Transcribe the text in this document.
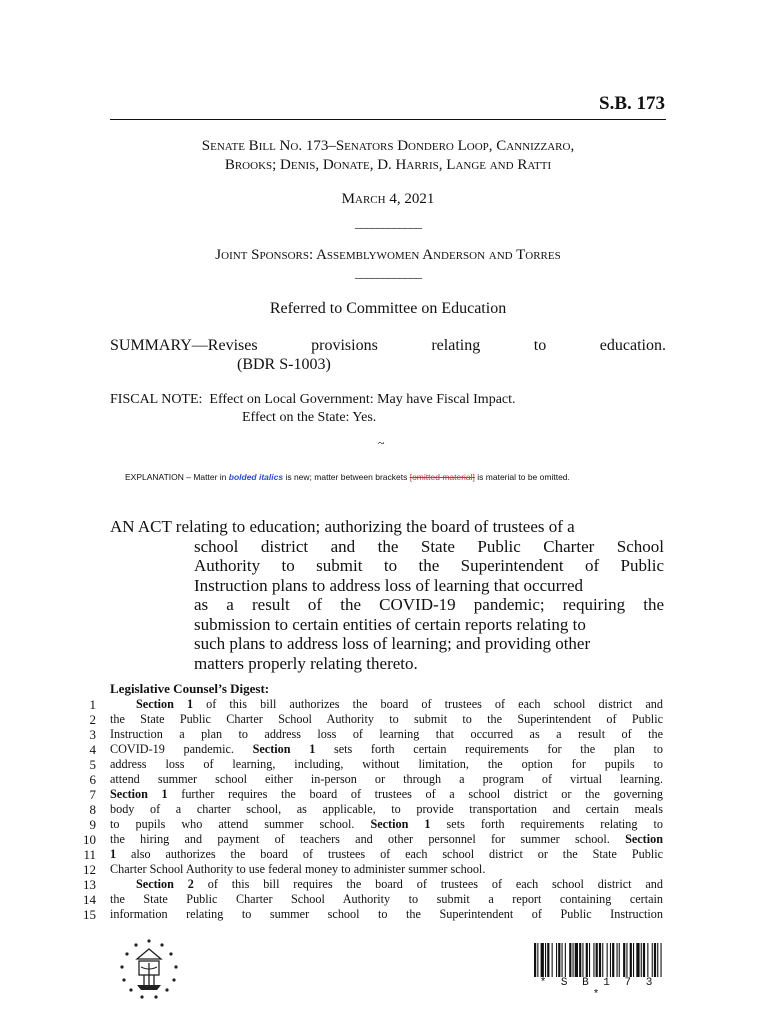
S.B. 173
Senate Bill No. 173–Senators Dondero Loop, Cannizzaro,
Brooks; Denis, Donate, D. Harris, Lange and Ratti
March 4, 2021
____________
Joint Sponsors: Assemblywomen Anderson and Torres
____________
Referred to Committee on Education
SUMMARY—Revises	provisions	relating	to	education.
(BDR S-1003)
FISCAL NOTE:  Effect on Local Government: May have Fiscal Impact.
Effect on the State: Yes.
~
EXPLANATION – Matter in bolded italics is new; matter between brackets [omitted material] is material to be omitted.
AN ACT relating to education; authorizing the board of trustees of a
school district and the State Public Charter School
Authority to submit to the Superintendent of Public
Instruction plans to address loss of learning that occurred
as a result of the COVID-19 pandemic; requiring the
submission to certain entities of certain reports relating to
such plans to address loss of learning; and providing other
matters properly relating thereto.
Legislative Counsel’s Digest:
1
2
3
4
5
6
7
8
9
10
11
12
13
14
15

Section 1 of this bill authorizes the board of trustees of each school district and

the State Public Charter School Authority to submit to the Superintendent of Public

Instruction a plan to address loss of learning that occurred as a result of the

COVID-19 pandemic. Section 1 sets forth certain requirements for the plan to

address loss of learning, including, without limitation, the option for pupils to

attend summer school either in-person or through a program of virtual learning.

Section 1 further requires the board of trustees of a school district or the governing

body of a charter school, as applicable, to provide transportation and certain meals

to pupils who attend summer school. Section 1 sets forth requirements relating to

the hiring and payment of teachers and other personnel for summer school. Section

1 also authorizes the board of trustees of each school district or the State Public

Charter School Authority to use federal money to administer summer school.

Section 2 of this bill requires the board of trustees of each school district and

the State Public Charter School Authority to submit a report containing certain

information relating to summer school to the Superintendent of Public Instruction

* S B 1 7 3 *
